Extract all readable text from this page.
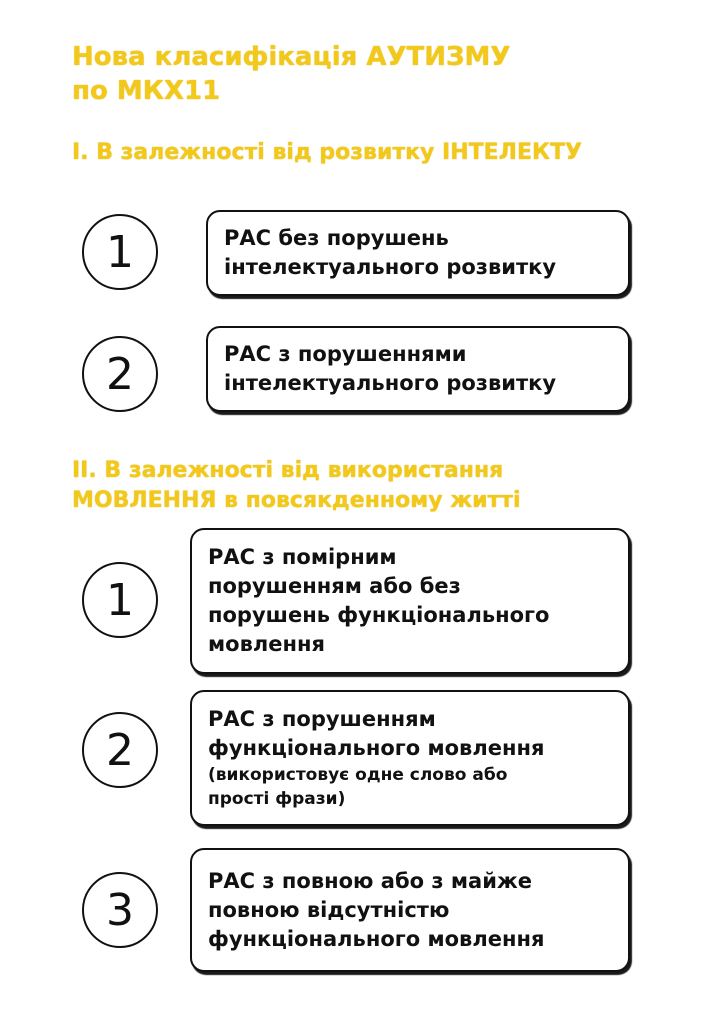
Нова класифікація АУТИЗМУ
по МКХ11
I. В залежності від розвитку ІНТЕЛЕКТУ
1	РАС без порушень
інтелектуального розвитку
2	РАС з порушеннями
інтелектуального розвитку
II. В залежності від використання
МОВЛЕННЯ в повсякденному житті
1
РАС з помірним
порушенням або без
порушень функціонального
мовлення
2
РАС з порушенням
функціонального мовлення
(використовує одне слово або
прості фрази)
3
РАС з повною або з майже
повною відсутністю
функціонального мовлення
